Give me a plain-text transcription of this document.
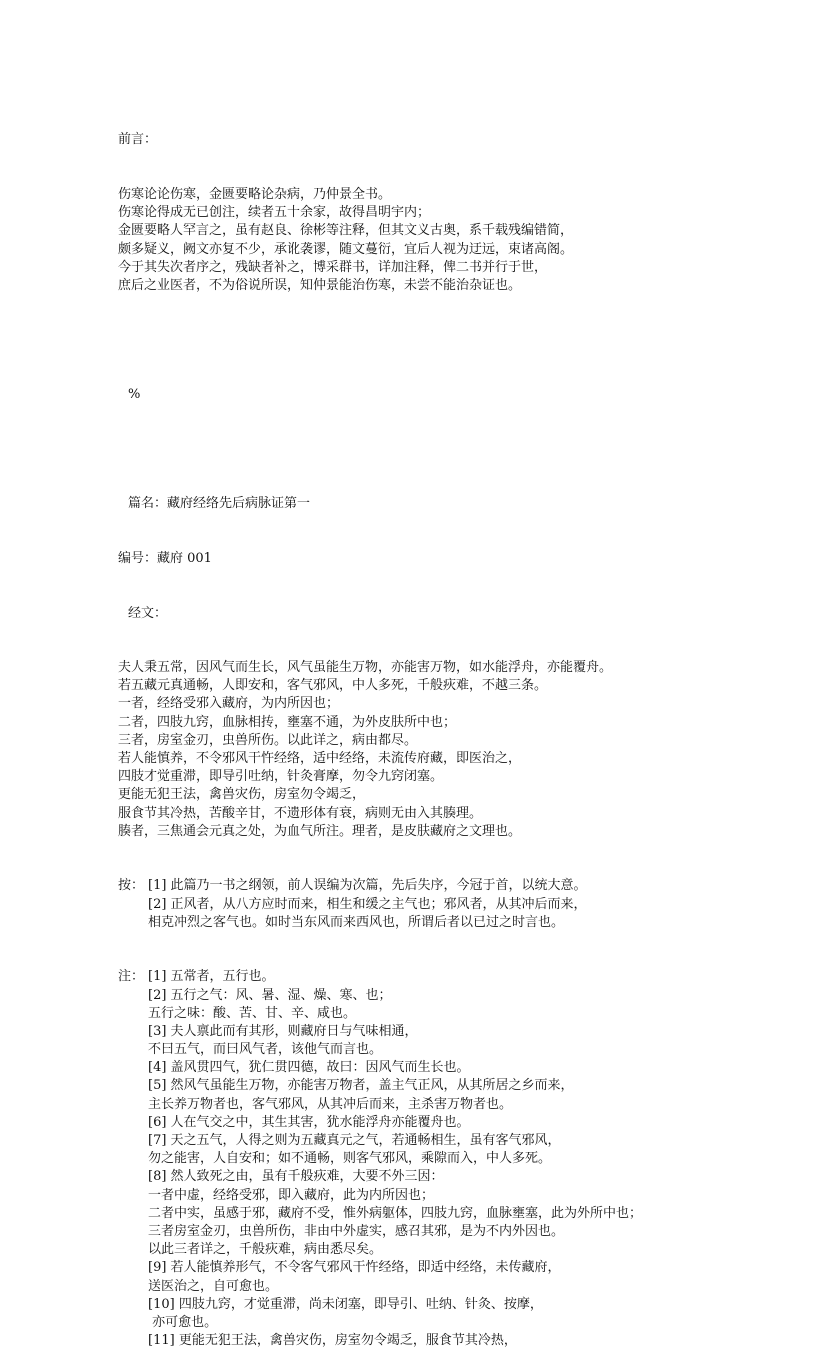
前言：

伤寒论论伤寒，金匮要略论杂病，乃仲景全书。
伤寒论得成无已创注，续者五十余家，故得昌明宇内；
金匮要略人罕言之，虽有赵良、徐彬等注释，但其文义古奥，系千载残编错简，
颇多疑义，阙文亦复不少，承讹袭谬，随文蔓衍，宜后人视为迂远，束诸高阁。
今于其失次者序之，残缺者补之，博采群书，详加注释，俾二书并行于世，
庶后之业医者，不为俗说所误，知仲景能治伤寒，未尝不能治杂证也。

%

篇名：藏府经络先后病脉证第一

编号：藏府 001

经文：

夫人秉五常，因风气而生长，风气虽能生万物，亦能害万物，如水能浮舟，亦能覆舟。
若五藏元真通畅，人即安和，客气邪风，中人多死，千般疢难，不越三条。
一者，经络受邪入藏府，为内所因也；
二者，四肢九窍，血脉相抟，壅塞不通，为外皮肤所中也；
三者，房室金刃，虫兽所伤。以此详之，病由都尽。
若人能慎养，不令邪风干忤经络，适中经络，未流传府藏，即医治之，
四肢才觉重滞，即导引吐纳，针灸膏摩，勿令九窍闭塞。
更能无犯王法，禽兽灾伤，房室勿令竭乏，
服食节其冷热，苦酸辛甘，不遗形体有衰，病则无由入其腠理。
腠者，三焦通会元真之处，为血气所注。理者，是皮肤藏府之文理也。

按： [1] 此篇乃一书之纲领，前人误编为次篇，先后失序，今冠于首，以统大意。
[2] 正风者，从八方应时而来，相生和缓之主气也；邪风者，从其冲后而来，
相克冲烈之客气也。如时当东风而来西风也，所谓后者以已过之时言也。

注： [1] 五常者，五行也。
[2] 五行之气：风、暑、湿、燥、寒、也；
五行之味：酸、苦、甘、辛、咸也。
[3] 夫人禀此而有其形，则藏府日与气味相通，
不曰五气，而曰风气者，该他气而言也。
[4] 盖风贯四气，犹仁贯四德，故曰：因风气而生长也。
[5] 然风气虽能生万物，亦能害万物者，盖主气正风，从其所居之乡而来，
主长养万物者也，客气邪风，从其冲后而来，主杀害万物者也。
[6] 人在气交之中，其生其害，犹水能浮舟亦能覆舟也。
[7] 天之五气，人得之则为五藏真元之气，若通畅相生，虽有客气邪风，
勿之能害，人自安和；如不通畅，则客气邪风，乘隙而入，中人多死。
[8] 然人致死之由，虽有千般疢难，大要不外三因：
一者中虚，经络受邪，即入藏府，此为内所因也；
二者中实，虽感于邪，藏府不受，惟外病躯体，四肢九窍，血脉壅塞，此为外所中也；
三者房室金刃，虫兽所伤，非由中外虚实，感召其邪，是为不内外因也。
以此三者详之，千般疢难，病由悉尽矣。
[9] 若人能慎养形气，不令客气邪风干忤经络，即适中经络，未传藏府，
送医治之，自可愈也。
[10] 四肢九窍，才觉重滞，尚未闭塞，即导引、吐纳、针灸、按摩，
亦可愈也。
[11] 更能无犯王法，禽兽灾伤，房室勿令竭乏，服食节其冷热，
